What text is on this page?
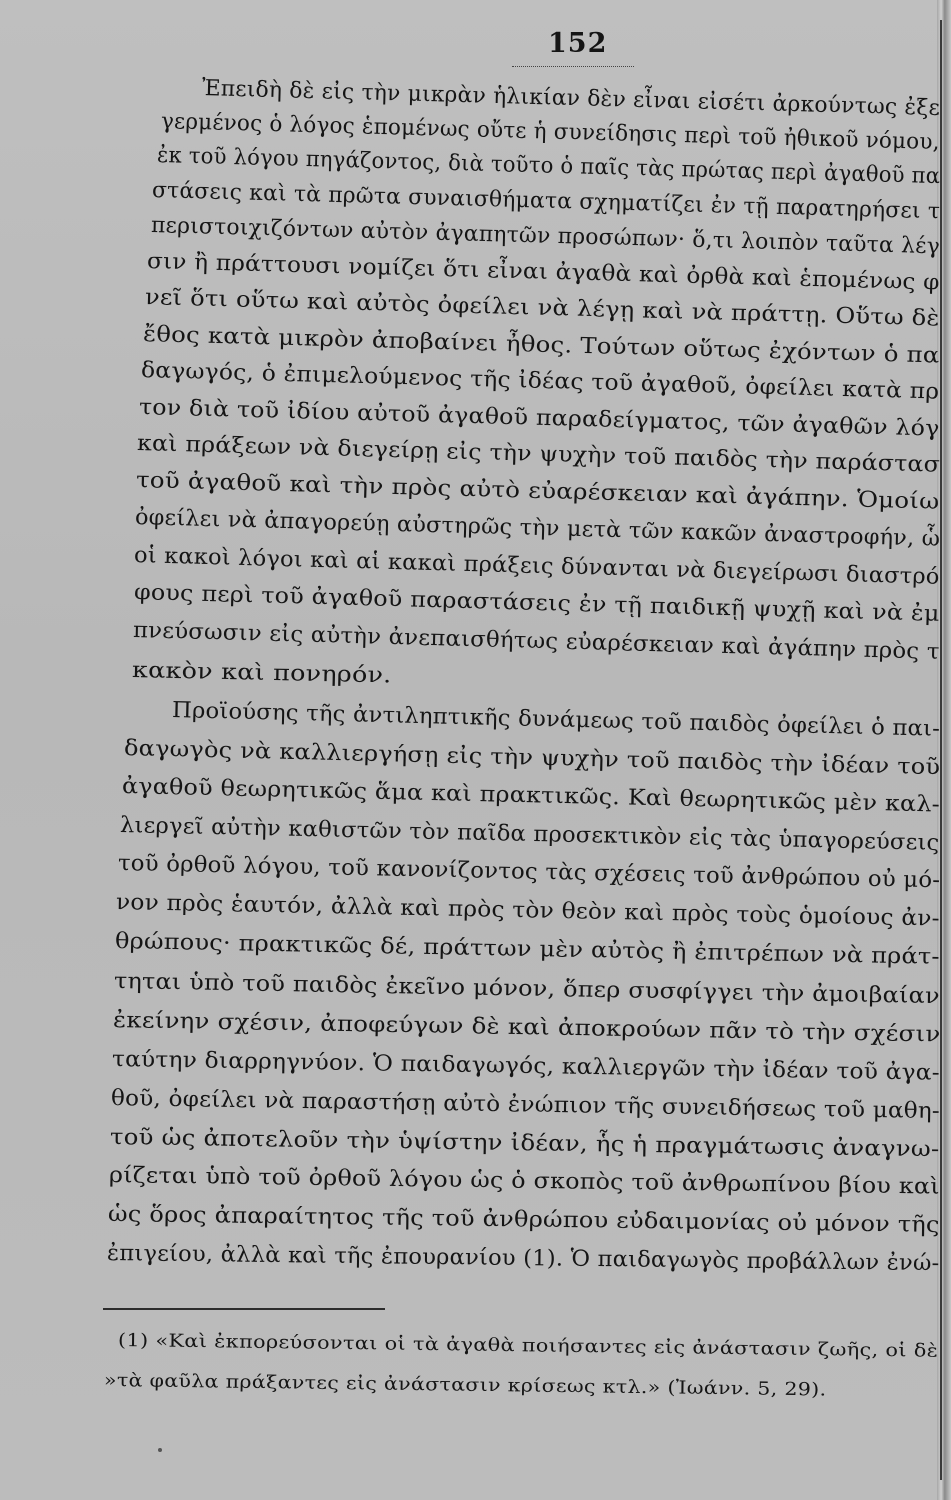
152
Ἐπειδὴ δὲ εἰς τὴν μικρὰν ἡλικίαν δὲν εἶναι εἰσέτι ἀρκούντως ἐξε
γερμένος ὁ λόγος ἑπομένως οὔτε ἡ συνείδησις περὶ τοῦ ἠθικοῦ νόμου,
ἐκ τοῦ λόγου πηγάζοντος, διὰ τοῦτο ὁ παῖς τὰς πρώτας περὶ ἀγαθοῦ πα
στάσεις καὶ τὰ πρῶτα συναισθήματα σχηματίζει ἐν τῇ παρατηρήσει τ
περιστοιχιζόντων αὐτὸν ἀγαπητῶν προσώπων· ὅ,τι λοιπὸν ταῦτα λέγ
σιν ἢ πράττουσι νομίζει ὅτι εἶναι ἀγαθὰ καὶ ὀρθὰ καὶ ἑπομένως φ
νεῖ ὅτι οὕτω καὶ αὐτὸς ὀφείλει νὰ λέγῃ καὶ νὰ πράττῃ. Οὕτω δὲ
ἔθος κατὰ μικρὸν ἀποβαίνει ἦθος. Τούτων οὕτως ἐχόντων ὁ πα
δαγωγός, ὁ ἐπιμελούμενος τῆς ἰδέας τοῦ ἀγαθοῦ, ὀφείλει κατὰ πρ
τον διὰ τοῦ ἰδίου αὐτοῦ ἀγαθοῦ παραδείγματος, τῶν ἀγαθῶν λόγ
καὶ πράξεων νὰ διεγείρῃ εἰς τὴν ψυχὴν τοῦ παιδὸς τὴν παράστασ
τοῦ ἀγαθοῦ καὶ τὴν πρὸς αὐτὸ εὐαρέσκειαν καὶ ἀγάπην. Ὁμοίω
ὀφείλει νὰ ἀπαγορεύῃ αὐστηρῶς τὴν μετὰ τῶν κακῶν ἀναστροφήν, ὧ
οἱ κακοὶ λόγοι καὶ αἱ κακαὶ πράξεις δύνανται νὰ διεγείρωσι διαστρό
φους περὶ τοῦ ἀγαθοῦ παραστάσεις ἐν τῇ παιδικῇ ψυχῇ καὶ νὰ ἐμ
πνεύσωσιν εἰς αὐτὴν ἀνεπαισθήτως εὐαρέσκειαν καὶ ἀγάπην πρὸς τ
κακὸν καὶ πονηρόν.
Προϊούσης τῆς ἀντιληπτικῆς δυνάμεως τοῦ παιδὸς ὀφείλει ὁ παι-
δαγωγὸς νὰ καλλιεργήσῃ εἰς τὴν ψυχὴν τοῦ παιδὸς τὴν ἰδέαν τοῦ
ἀγαθοῦ θεωρητικῶς ἅμα καὶ πρακτικῶς. Καὶ θεωρητικῶς μὲν καλ-
λιεργεῖ αὐτὴν καθιστῶν τὸν παῖδα προσεκτικὸν εἰς τὰς ὑπαγορεύσεις
τοῦ ὀρθοῦ λόγου, τοῦ κανονίζοντος τὰς σχέσεις τοῦ ἀνθρώπου οὐ μό-
νον πρὸς ἑαυτόν, ἀλλὰ καὶ πρὸς τὸν θεὸν καὶ πρὸς τοὺς ὁμοίους ἀν-
θρώπους· πρακτικῶς δέ, πράττων μὲν αὐτὸς ἢ ἐπιτρέπων νὰ πράτ-
τηται ὑπὸ τοῦ παιδὸς ἐκεῖνο μόνον, ὅπερ συσφίγγει τὴν ἀμοιβαίαν
ἐκείνην σχέσιν, ἀποφεύγων δὲ καὶ ἀποκρούων πᾶν τὸ τὴν σχέσιν
ταύτην διαρρηγνύον. Ὁ παιδαγωγός, καλλιεργῶν τὴν ἰδέαν τοῦ ἀγα-
θοῦ, ὀφείλει νὰ παραστήσῃ αὐτὸ ἐνώπιον τῆς συνειδήσεως τοῦ μαθη-
τοῦ ὡς ἀποτελοῦν τὴν ὑψίστην ἰδέαν, ἧς ἡ πραγμάτωσις ἀναγνω-
ρίζεται ὑπὸ τοῦ ὀρθοῦ λόγου ὡς ὁ σκοπὸς τοῦ ἀνθρωπίνου βίου καὶ
ὡς ὅρος ἀπαραίτητος τῆς τοῦ ἀνθρώπου εὐδαιμονίας οὐ μόνον τῆς
ἐπιγείου, ἀλλὰ καὶ τῆς ἐπουρανίου (1). Ὁ παιδαγωγὸς προβάλλων ἐνώ-
(1) «Καὶ ἐκπορεύσονται οἱ τὰ ἀγαθὰ ποιήσαντες εἰς ἀνάστασιν ζωῆς, οἱ δὲ
»τὰ φαῦλα πράξαντες εἰς ἀνάστασιν κρίσεως κτλ.» (Ἰωάνν. 5, 29).
